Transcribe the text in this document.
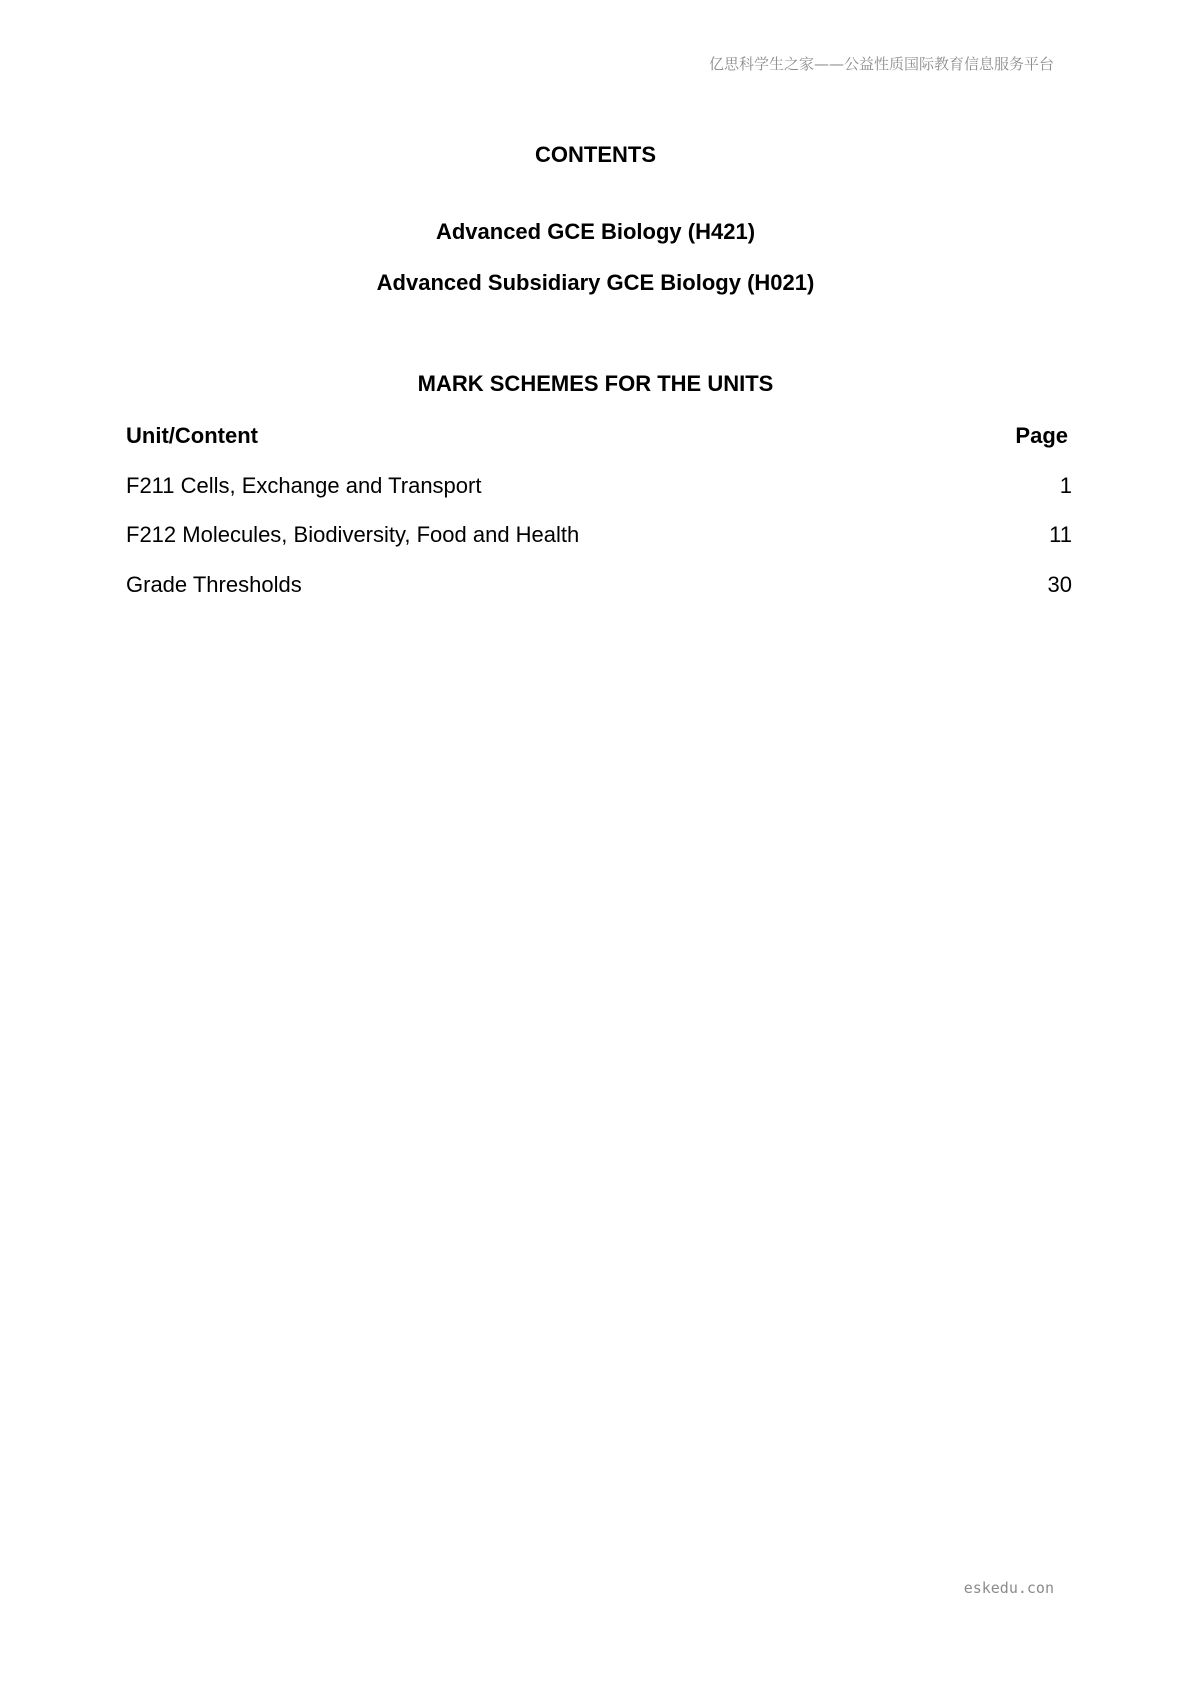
亿思科学生之家——公益性质国际教育信息服务平台
CONTENTS
Advanced GCE Biology (H421)
Advanced Subsidiary GCE Biology (H021)
MARK SCHEMES FOR THE UNITS
Unit/Content	Page
F211 Cells, Exchange and Transport	1
F212 Molecules, Biodiversity, Food and Health	11
Grade Thresholds	30
eskedu.con
